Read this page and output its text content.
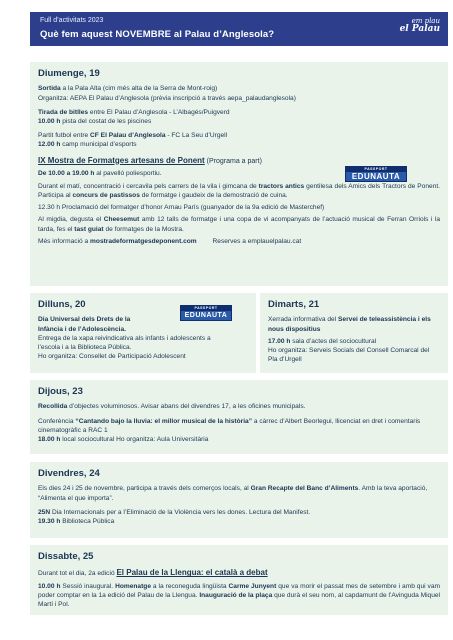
Full d’activitats 2023
Què fem aquest NOVEMBRE al Palau d’Anglesola?
em plau
el Palau
Diumenge, 19
Sortida a la Pala Alta (cim més alta de la Serra de Mont-roig)
Organitza: AEPA El Palau d’Anglesola (prèvia inscripció a través aepa_palaudanglesola)
Tirada de bitlles entre El Palau d’Anglesola - L’Albagés/Puigverd
10.00 h pista del costat de les piscines
Partit futbol entre CF El Palau d’Anglesola - FC La Seu d’Urgell
12.00 h camp municipal d’esports
IX Mostra de Formatges artesans de Ponent (Programa a part)
De 10.00 a 19.00 h al pavelló poliesportiu.
Durant el matí, concentració i cercavila pels carrers de la vila i gimcana de tractors antics gentilesa dels Amics dels Tractors de Ponent. Participa al concurs de pastissos de formatge i gaudeix de la demostració de cuina.
12.30 h Proclamació del formatger d’honor Arnau París (guanyador de la 9a edició de Masterchef)
Al migdia, degusta el Cheesemut amb 12 talls de formatge i una copa de vi acompanyats de l’actuació musical de Ferran Orriols i la tarda, fes el tast guiat de formatges de la Mostra.
Més informació a mostradeformatgesdeponent.com Reserves a emplauelpalau.cat
PASSPORT
EDUNAUTA
Dilluns, 20
Dia Universal dels Drets de la
Infància i de l’Adolescència.
Entrega de la xapa reivindicativa als infants i adolescents a l’escola i a la Biblioteca Pública.
Ho organitza: Consellet de Participació Adolescent
PASSPORT
EDUNAUTA
Dimarts, 21
Xerrada informativa del Servei de teleassistència i els nous dispositius
17.00 h sala d’actes del sociocultural
Ho organitza: Serveis Socials del Consell Comarcal del Pla d’Urgell
Dijous, 23
Recollida d’objectes voluminosos. Avisar abans del divendres 17, a les oficines municipals.
Conferència “Cantando bajo la lluvia: el millor musical de la història” a càrrec d’Albert Beorlegui, llicenciat en dret i comentaris cinematogràfic a RAC 1
18.00 h local sociocultural Ho organitza: Aula Universitària
Divendres, 24
Els dies 24 i 25 de novembre, participa a través dels comerços locals, al Gran Recapte del Banc d’Aliments. Amb la teva aportació, “Alimenta el que importa”.
25N Dia Internacionals per a l’Eliminació de la Violència vers les dones. Lectura del Manifest.
19.30 h Biblioteca Pública
Dissabte, 25
Durant tot el dia, 2a edició El Palau de la Llengua: el català a debat
10.00 h Sessió inaugural. Homenatge a la reconeguda lingüista Carme Junyent que va morir el passat mes de setembre i amb qui vam poder comptar en la 1a edició del Palau de la Llengua. Inauguració de la plaça que durà el seu nom, al capdamunt de l’Avinguda Miquel Martí i Pol.
